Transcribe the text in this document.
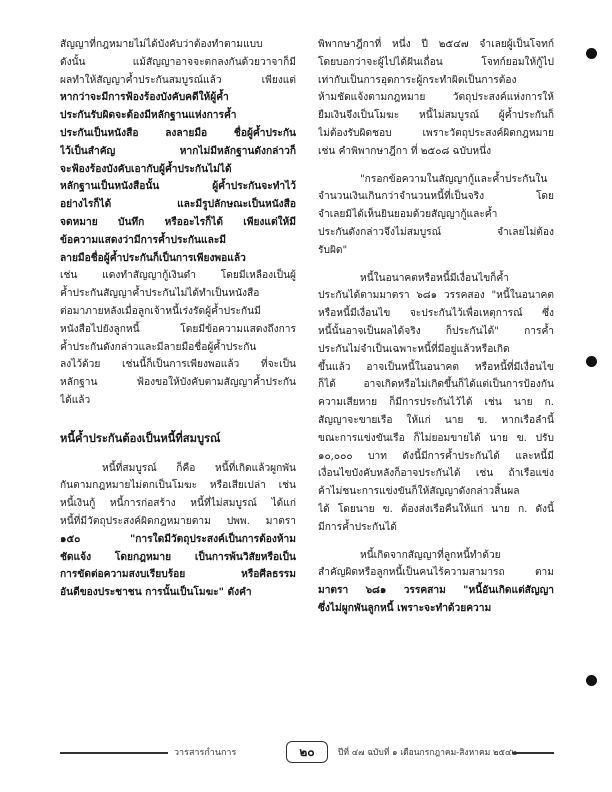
สัญญาที่กฎหมายไม่ได้บังคับว่าต้องทำตามแบบ
ดังนั้น แม้สัญญาอาจจะตกลงกันด้วยวาจาก็มี
ผลทำให้สัญญาค้ำประกันสมบูรณ์แล้ว เพียงแต่
หากว่าจะมีการฟ้องร้องบังคับคดีให้ผู้ค้ำ
ประกันรับผิดจะต้องมีหลักฐานแห่งการค้ำ
ประกันเป็นหนังสือ ลงลายมือ ชื่อผู้ค้ำประกัน
ไว้เป็นสำคัญ หากไม่มีหลักฐานดังกล่าวก็
จะฟ้องร้องบังคับเอากับผู้ค้ำประกันไม่ได้
หลักฐานเป็นหนังสือนั้น ผู้ค้ำประกันจะทำไว้
อย่างไรก็ได้ และมีรูปลักษณะเป็นหนังสือ
จดหมาย บันทึก หรืออะไรก็ได้ เพียงแต่ให้มี
ข้อความแสดงว่ามีการค้ำประกันและมี
ลายมือชื่อผู้ค้ำประกันก็เป็นการเพียงพอแล้ว
เช่น แดงทำสัญญากู้เงินดำ โดยมีเหลืองเป็นผู้
ค้ำประกันสัญญาค้ำประกันไม่ได้ทำเป็นหนังสือ
ต่อมาภายหลังเมื่อลูกเจ้าหนี้เร่งรัดผู้ค้ำประกันมี
หนังสือไปยังลูกหนี้ โดยมีข้อความแสดงถึงการ
ค้ำประกันดังกล่าวและมีลายมือชื่อผู้ค้ำประกัน
ลงไว้ด้วย เช่นนี้ก็เป็นการเพียงพอแล้ว ที่จะเป็น
หลักฐาน ฟ้องขอให้บังคับตามสัญญาค้ำประกัน
ได้แล้ว
หนี้ค้ำประกันต้องเป็นหนี้ที่สมบูรณ์
หนี้ที่สมบูรณ์ ก็คือ หนี้ที่เกิดแล้วผูกพัน
กันตามกฎหมายไม่ตกเป็นโมฆะ หรือเสียเปล่า เช่น
หนี้เงินกู้ หนี้การก่อสร้าง หนี้ที่ไม่สมบูรณ์ ได้แก่
หนี้ที่มีวัตถุประสงค์ผิดกฎหมายตาม ปพพ. มาตรา
๑๕๐ "การใดมีวัตถุประสงค์เป็นการต้องห้าม
ชัดแจ้ง โดยกฎหมาย เป็นการพ้นวิสัยหรือเป็น
การขัดต่อความสงบเรียบร้อย หรือศีลธรรม
อันดีของประชาชน การนั้นเป็นโมฆะ" ดังคำ
พิพากษาฎีกาที่ หนึ่ง ปี ๒๕๔๗ จำเลยผู้เป็นโจทก์
โดยบอกว่าจะผู้ไปได้ฝันเถื่อน โจทก์ยอมให้กู้ไป
เท่ากับเป็นการอุดการะผู้กระทำผิดเป็นการต้อง
ห้ามชัดแจ้งตามกฎหมาย วัตถุประสงค์แห่งการให้
ยืมเงินจึงเป็นโมฆะ หนี้ไม่สมบูรณ์ ผู้ค้ำประกันก็
ไม่ต้องรับผิดชอบ เพราะวัตถุประสงค์ผิดกฎหมาย
เช่น คำพิพากษาฎีกา ที่ ๒๕๐๘ ฉบับหนึ่ง
"กรอกข้อความในสัญญากู้และค้ำประกันใน
จำนวนเงินเกินกว่าจำนวนหนี้ที่เป็นจริง โดย
จำเลยมิได้เห็นยินยอมด้วยสัญญากู้และค้ำ
ประกันดังกล่าวจึงไม่สมบูรณ์ จำเลยไม่ต้อง
รับผิด"
หนี้ในอนาคตหรือหนี้มีเงื่อนไขก็ค้ำ
ประกันได้ตามมาตรา ๖๘๑ วรรคสอง "หนี้ในอนาคต
หรือหนี้มีเงื่อนไข จะประกันไว้เพื่อเหตุการณ์ ซึ่ง
หนี้นั้นอาจเป็นผลได้จริง ก็ประกันได้" การค้ำ
ประกันไม่จำเป็นเฉพาะหนี้ที่มีอยู่แล้วหรือเกิด
ขึ้นแล้ว อาจเป็นหนี้ในอนาคต หรือหนี้ที่มีเงื่อนไข
ก็ได้ อาจเกิดหรือไม่เกิดขึ้นก็ได้แต่เป็นการป้องกัน
ความเสียหาย ก็มีการประกันไว้ได้ เช่น นาย ก.
สัญญาจะขายเรือ ให้แก่ นาย ข. หากเรือลำนี้
ขณะการแข่งขันเรือ ก็ไม่ยอมขายได้ นาย ข. ปรับ
๑๐,๐๐๐ บาท ดังนี้มีการค้ำประกันได้ และหนี้มี
เงื่อนไขบังคับหลังก็อาจประกันได้ เช่น ถ้าเรือแข่ง
ค้าไม่ชนะการแข่งขันก็ให้สัญญาดังกล่าวสิ้นผล
ได้ โดยนาย ข. ต้องส่งเรือคืนให้แก่ นาย ก. ดังนี้
มีการค้ำประกันได้
หนี้เกิดจากสัญญาที่ลูกหนี้ทำด้วย
สำคัญผิดหรือลูกหนี้เป็นคนไร้ความสามารถ ตาม
มาตรา ๖๘๑ วรรคสาม "หนี้อันเกิดแต่สัญญา
ซึ่งไม่ผูกพันลูกหนี้ เพราะจะทำด้วยความ
วารสารกำนการ	๒๐	ปีที่ ๔๗ ฉบับที่ ๑ เดือนกรกฎาคม-สิงหาคม ๒๕๔๒
